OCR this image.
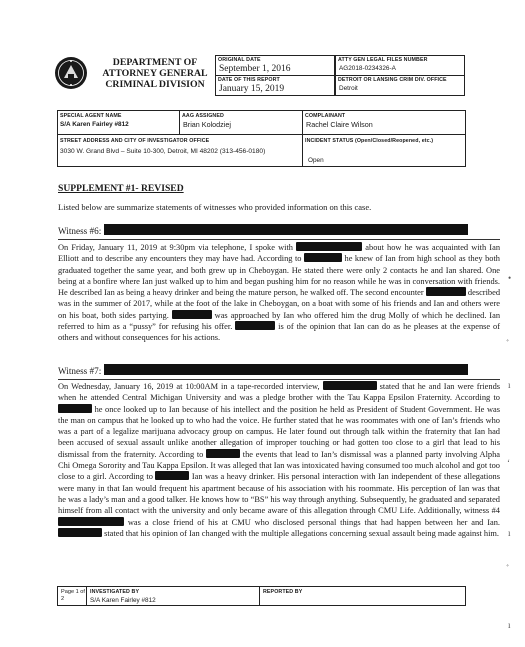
DEPARTMENT OF
ATTORNEY GENERAL
CRIMINAL DIVISION
ORIGINAL DATE
September 1, 2016
DATE OF THIS REPORT
January 15, 2019
ATTY GEN LEGAL FILES NUMBER
AG2018-0234326-A
DETROIT OR LANSING CRIM DIV. OFFICE
Detroit
SPECIAL AGENT NAME
S/A Karen Fairley #812
AAG ASSIGNED
Brian Kolodziej
COMPLAINANT
Rachel Claire Wilson
STREET ADDRESS AND CITY OF INVESTIGATOR OFFICE
3030 W. Grand Blvd – Suite 10-300, Detroit, MI 48202 (313-456-0180)
INCIDENT STATUS (Open/Closed/Reopened, etc.)
Open
SUPPLEMENT #1- REVISED
Listed below are summarize statements of witnesses who provided information on this case.
Witness #6:
On Friday, January 11, 2019 at 9:30pm via telephone, I spoke with	about how he was acquainted with Ian Elliott and to describe any encounters they may have had. According to	he knew of Ian from high school as they both graduated together the same year, and both grew up in Cheboygan. He stated there were only 2 contacts he and Ian shared. One being at a bonfire where Ian just walked up to him and began pushing him for no reason while he was in conversation with friends. He described Ian as being a heavy drinker and being the mature person, he walked off. The second encounter	described was in the summer of 2017, while at the foot of the lake in Cheboygan, on a boat with some of his friends and Ian and others were on his boat, both sides partying.	was approached by Ian who offered him the drug Molly of which he declined. Ian referred to him as a “pussy” for refusing his offer.	is of the opinion that Ian can do as he pleases at the expense of others and without consequences for his actions.
Witness #7:
On Wednesday, January 16, 2019 at 10:00AM in a tape-recorded interview,	stated that he and Ian were friends when he attended Central Michigan University and was a pledge brother with the Tau Kappa Epsilon Fraternity. According to  he once looked up to Ian because of his intellect and the position he held as President of Student Government. He was the man on campus that he looked up to who had the voice. He further stated that he was roommates with one of Ian’s friends who was a part of a legalize marijuana advocacy group on campus. He later found out through talk within the fraternity that Ian had been accused of sexual assault unlike another allegation of improper touching or had gotten too close to a girl that lead to his dismissal from the fraternity. According to	the events that lead to Ian’s dismissal was a planned party involving Alpha Chi Omega Sorority and Tau Kappa Epsilon. It was alleged that Ian was intoxicated having consumed too much alcohol and got too close to a girl. According to	Ian was a heavy drinker. His personal interaction with Ian independent of these allegations were many in that Ian would frequent his apartment because of his association with his roommate. His perception of Ian was that he was a lady’s man and a good talker. He knows how to “BS” his way through anything. Subsequently, he graduated and separated himself from all contact with the university and only became aware of this allegation through CMU Life. Additionally, witness #4  was a close friend of his at CMU who disclosed personal things that had happen between her and Ian.  stated that his opinion of Ian changed with the multiple allegations concerning sexual assault being made against him.
Page 1 of 2
INVESTIGATED BY
S/A Karen Fairley #812
REPORTED BY
•
ﾞ
ı
ʻ
ı
ﾞ
ı
